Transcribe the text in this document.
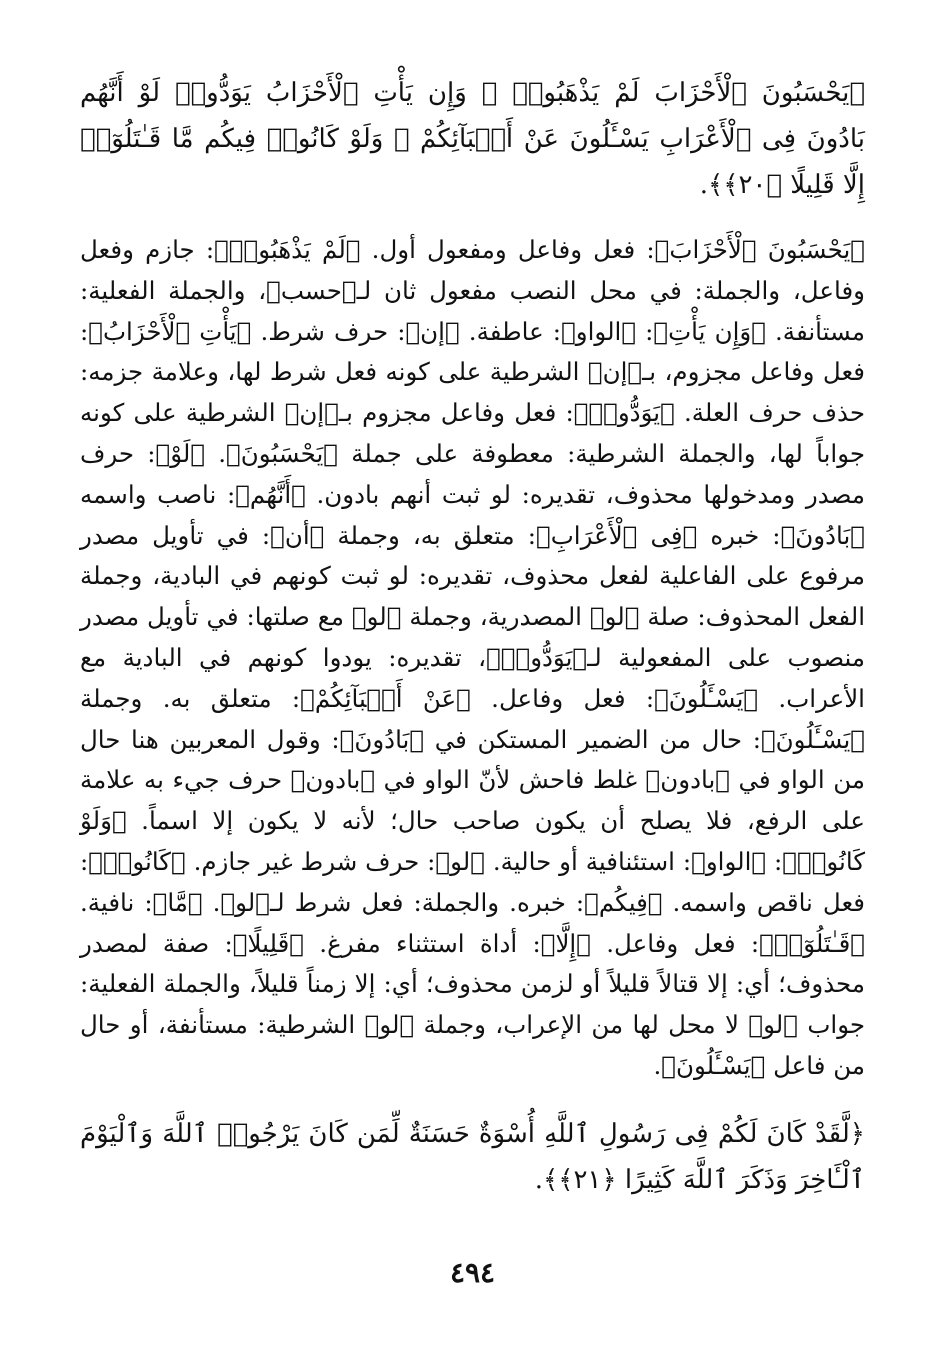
﴿يَحْسَبُونَ ٱلْأَحْزَابَ لَمْ يَذْهَبُوا۟ ۖ وَإِن يَأْتِ ٱلْأَحْزَابُ يَوَدُّوا۟ لَوْ أَنَّهُم بَادُونَ فِى ٱلْأَعْرَابِ يَسْـَٔلُونَ عَنْ أَنۢبَآئِكُمْ ۖ وَلَوْ كَانُوا۟ فِيكُم مَّا قَـٰتَلُوٓا۟ إِلَّا قَلِيلًا ﴿٢٠﴾﴾.

﴿يَحْسَبُونَ ٱلْأَحْزَابَ﴾: فعل وفاعل ومفعول أول. ﴿لَمْ يَذْهَبُوا۟﴾: جازم وفعل وفاعل، والجملة: في محل النصب مفعول ثان لـ﴿حسب﴾، والجملة الفعلية: مستأنفة. ﴿وَإِن يَأْتِ﴾: ﴿الواو﴾: عاطفة. ﴿إن﴾: حرف شرط. ﴿يَأْتِ ٱلْأَحْزَابُ﴾: فعل وفاعل مجزوم، بـ﴿إن﴾ الشرطية على كونه فعل شرط لها، وعلامة جزمه: حذف حرف العلة. ﴿يَوَدُّوا۟﴾: فعل وفاعل مجزوم بـ﴿إن﴾ الشرطية على كونه جواباً لها، والجملة الشرطية: معطوفة على جملة ﴿يَحْسَبُونَ﴾. ﴿لَوْ﴾: حرف مصدر ومدخولها محذوف، تقديره: لو ثبت أنهم بادون. ﴿أَنَّهُم﴾: ناصب واسمه ﴿بَادُونَ﴾: خبره ﴿فِى ٱلْأَعْرَابِ﴾: متعلق به، وجملة ﴿أن﴾: في تأويل مصدر مرفوع على الفاعلية لفعل محذوف، تقديره: لو ثبت كونهم في البادية، وجملة الفعل المحذوف: صلة ﴿لو﴾ المصدرية، وجملة ﴿لو﴾ مع صلتها: في تأويل مصدر منصوب على المفعولية لـ﴿يَوَدُّوا۟﴾، تقديره: يودوا كونهم في البادية مع الأعراب. ﴿يَسْـَٔلُونَ﴾: فعل وفاعل. ﴿عَنْ أَنۢبَآئِكُمْ﴾: متعلق به. وجملة ﴿يَسْـَٔلُونَ﴾: حال من الضمير المستكن في ﴿بَادُونَ﴾: وقول المعربين هنا حال من الواو في ﴿بادون﴾ غلط فاحش لأنّ الواو في ﴿بادون﴾ حرف جيء به علامة على الرفع، فلا يصلح أن يكون صاحب حال؛ لأنه لا يكون إلا اسماً. ﴿وَلَوْ كَانُوا۟﴾: ﴿الواو﴾: استئنافية أو حالية. ﴿لو﴾: حرف شرط غير جازم. ﴿كَانُوا۟﴾: فعل ناقص واسمه. ﴿فِيكُم﴾: خبره. والجملة: فعل شرط لـ﴿لو﴾. ﴿مَّا﴾: نافية. ﴿قَـٰتَلُوٓا۟﴾: فعل وفاعل. ﴿إِلَّا﴾: أداة استثناء مفرغ. ﴿قَلِيلًا﴾: صفة لمصدر محذوف؛ أي: إلا قتالاً قليلاً أو لزمن محذوف؛ أي: إلا زمناً قليلاً، والجملة الفعلية: جواب ﴿لو﴾ لا محل لها من الإعراب، وجملة ﴿لو﴾ الشرطية: مستأنفة، أو حال من فاعل ﴿يَسْـَٔلُونَ﴾.

﴿لَّقَدْ كَانَ لَكُمْ فِى رَسُولِ ٱللَّهِ أُسْوَةٌ حَسَنَةٌ لِّمَن كَانَ يَرْجُوا۟ ٱللَّهَ وَٱلْيَوْمَ ٱلْـَٔاخِرَ وَذَكَرَ ٱللَّهَ كَثِيرًا ﴿٢١﴾﴾.

٤٩٤
